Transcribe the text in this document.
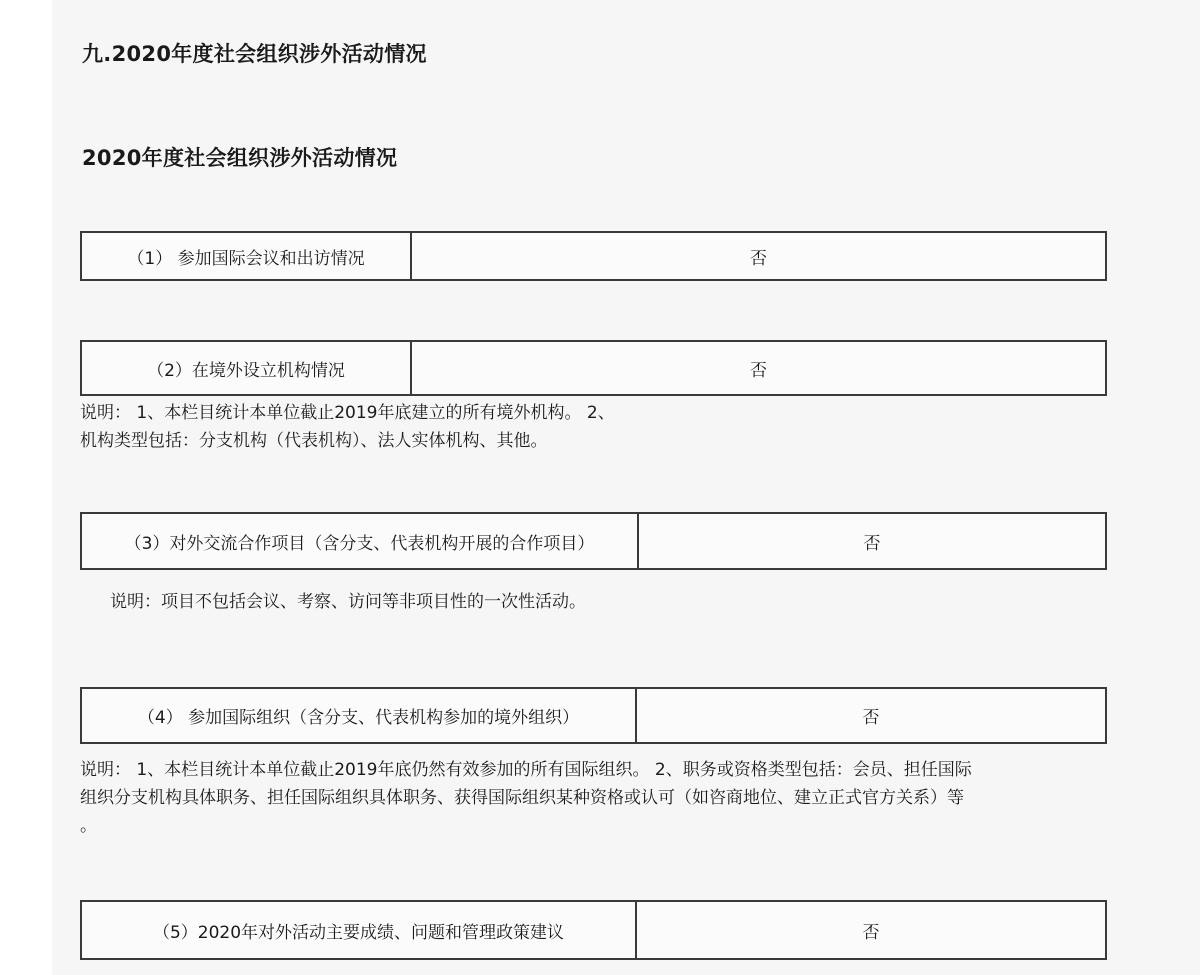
九.2020年度社会组织涉外活动情况
2020年度社会组织涉外活动情况
（1） 参加国际会议和出访情况	否
（2）在境外设立机构情况	否
说明： 1、本栏目统计本单位截止2019年底建立的所有境外机构。 2、
机构类型包括：分支机构（代表机构）、法人实体机构、其他。
（3）对外交流合作项目（含分支、代表机构开展的合作项目）	否
说明：项目不包括会议、考察、访问等非项目性的一次性活动。
（4） 参加国际组织（含分支、代表机构参加的境外组织）	否
说明： 1、本栏目统计本单位截止2019年底仍然有效参加的所有国际组织。 2、职务或资格类型包括：会员、担任国际
组织分支机构具体职务、担任国际组织具体职务、获得国际组织某种资格或认可（如咨商地位、建立正式官方关系）等
。
（5）2020年对外活动主要成绩、问题和管理政策建议	否
